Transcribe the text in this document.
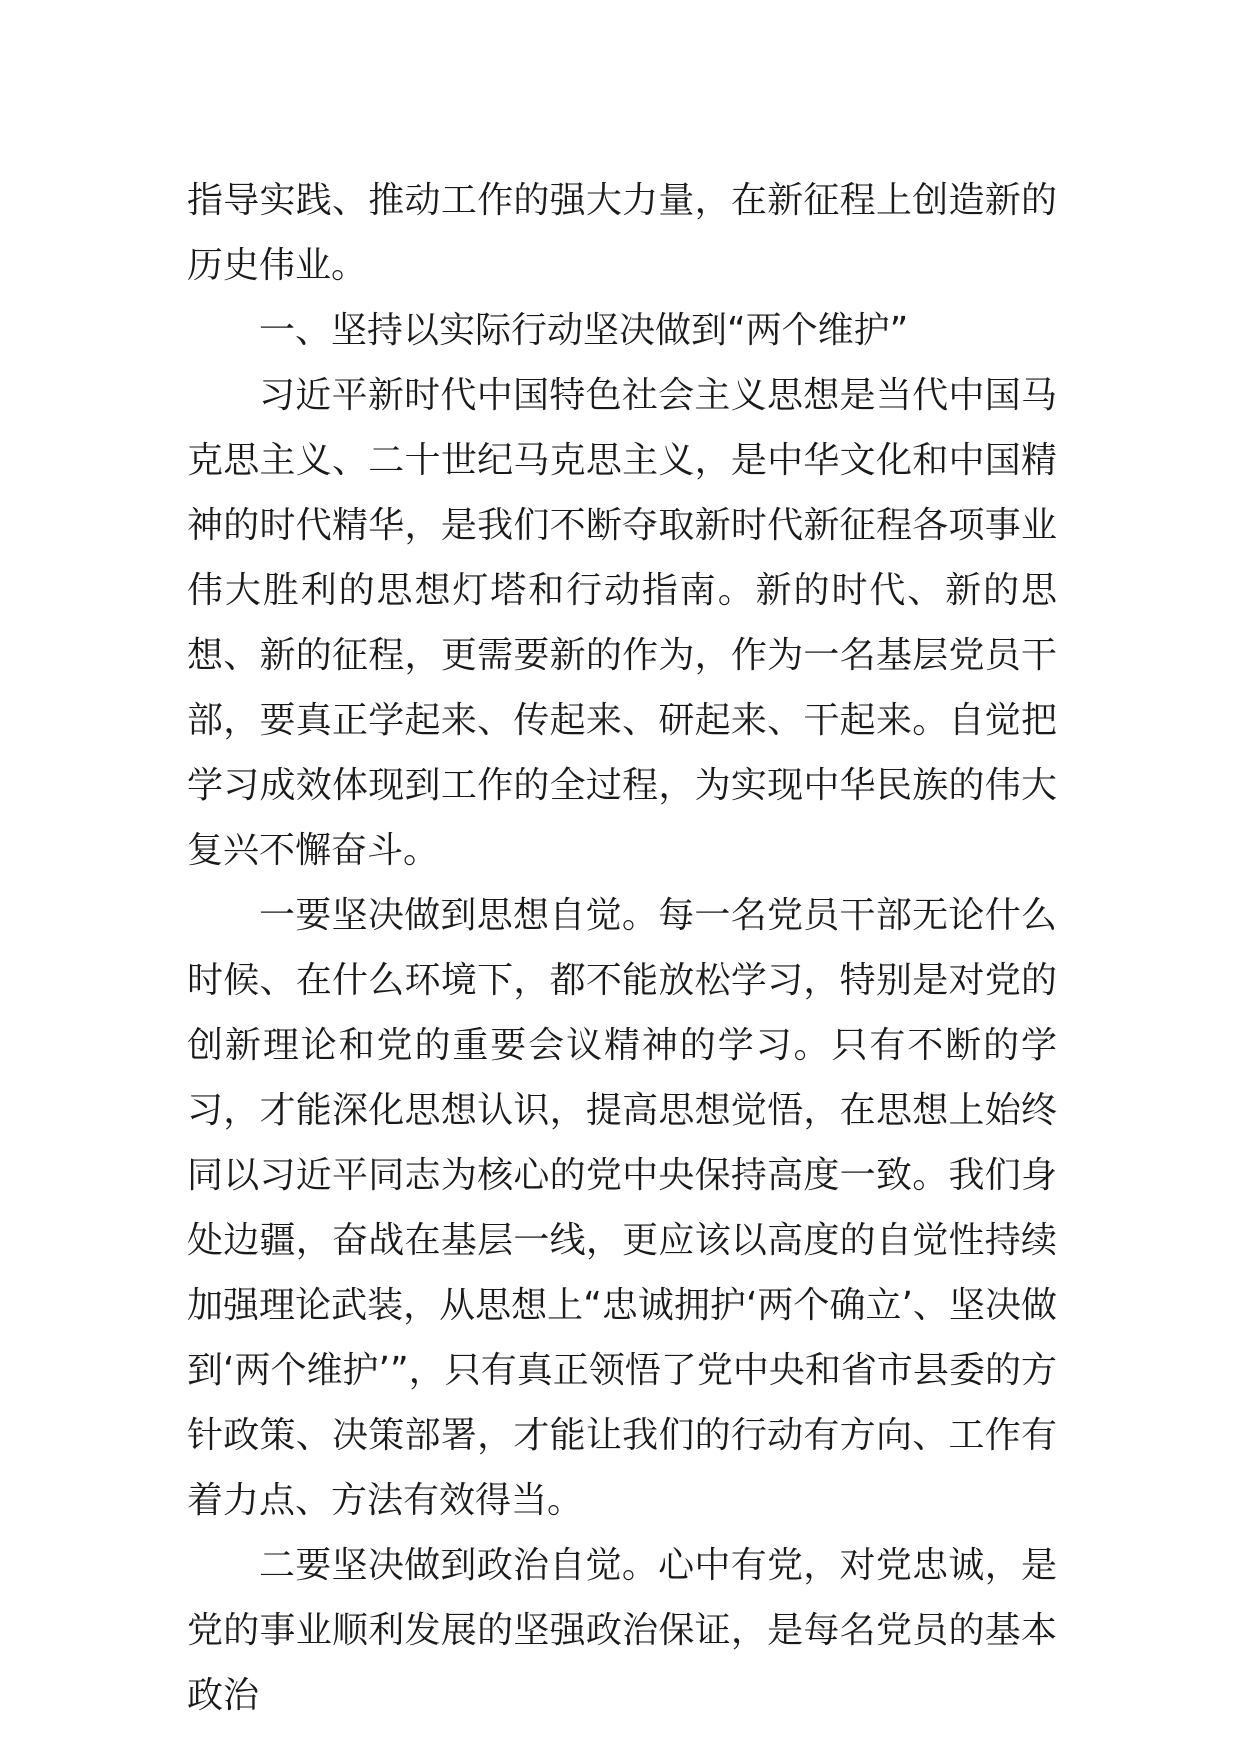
指导实践、推动工作的强大力量，在新征程上创造新的历史伟业。

一、坚持以实际行动坚决做到“两个维护”

习近平新时代中国特色社会主义思想是当代中国马克思主义、二十世纪马克思主义，是中华文化和中国精神的时代精华，是我们不断夺取新时代新征程各项事业伟大胜利的思想灯塔和行动指南。新的时代、新的思想、新的征程，更需要新的作为，作为一名基层党员干部，要真正学起来、传起来、研起来、干起来。自觉把学习成效体现到工作的全过程，为实现中华民族的伟大复兴不懈奋斗。

一要坚决做到思想自觉。每一名党员干部无论什么时候、在什么环境下，都不能放松学习，特别是对党的创新理论和党的重要会议精神的学习。只有不断的学习，才能深化思想认识，提高思想觉悟，在思想上始终同以习近平同志为核心的党中央保持高度一致。我们身处边疆，奋战在基层一线，更应该以高度的自觉性持续加强理论武装，从思想上“忠诚拥护‘两个确立’、坚决做到‘两个维护’”，只有真正领悟了党中央和省市县委的方针政策、决策部署，才能让我们的行动有方向、工作有着力点、方法有效得当。

二要坚决做到政治自觉。心中有党，对党忠诚，是党的事业顺利发展的坚强政治保证，是每名党员的基本政治
